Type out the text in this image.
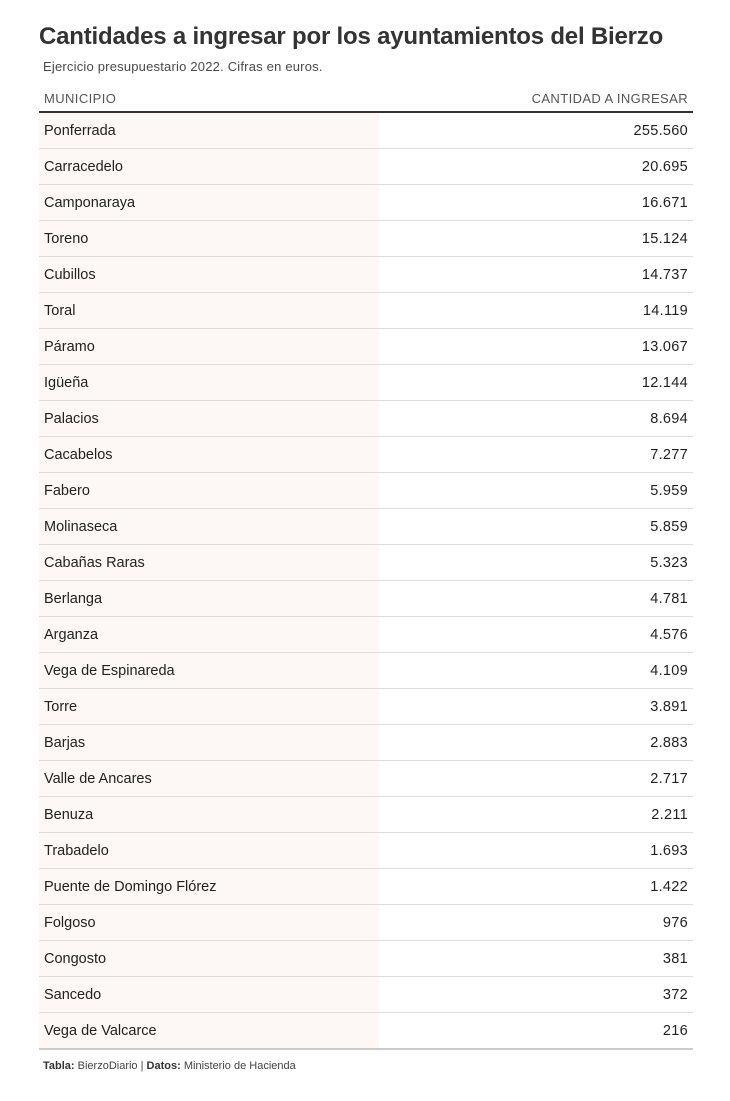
Cantidades a ingresar por los ayuntamientos del Bierzo
Ejercicio presupuestario 2022. Cifras en euros.
MUNICIPIO	CANTIDAD A INGRESAR
Ponferrada	255.560
Carracedelo	20.695
Camponaraya	16.671
Toreno	15.124
Cubillos	14.737
Toral	14.119
Páramo	13.067
Igüeña	12.144
Palacios	8.694
Cacabelos	7.277
Fabero	5.959
Molinaseca	5.859
Cabañas Raras	5.323
Berlanga	4.781
Arganza	4.576
Vega de Espinareda	4.109
Torre	3.891
Barjas	2.883
Valle de Ancares	2.717
Benuza	2.211
Trabadelo	1.693
Puente de Domingo Flórez	1.422
Folgoso	976
Congosto	381
Sancedo	372
Vega de Valcarce	216
Tabla: BierzoDiario | Datos: Ministerio de Hacienda
